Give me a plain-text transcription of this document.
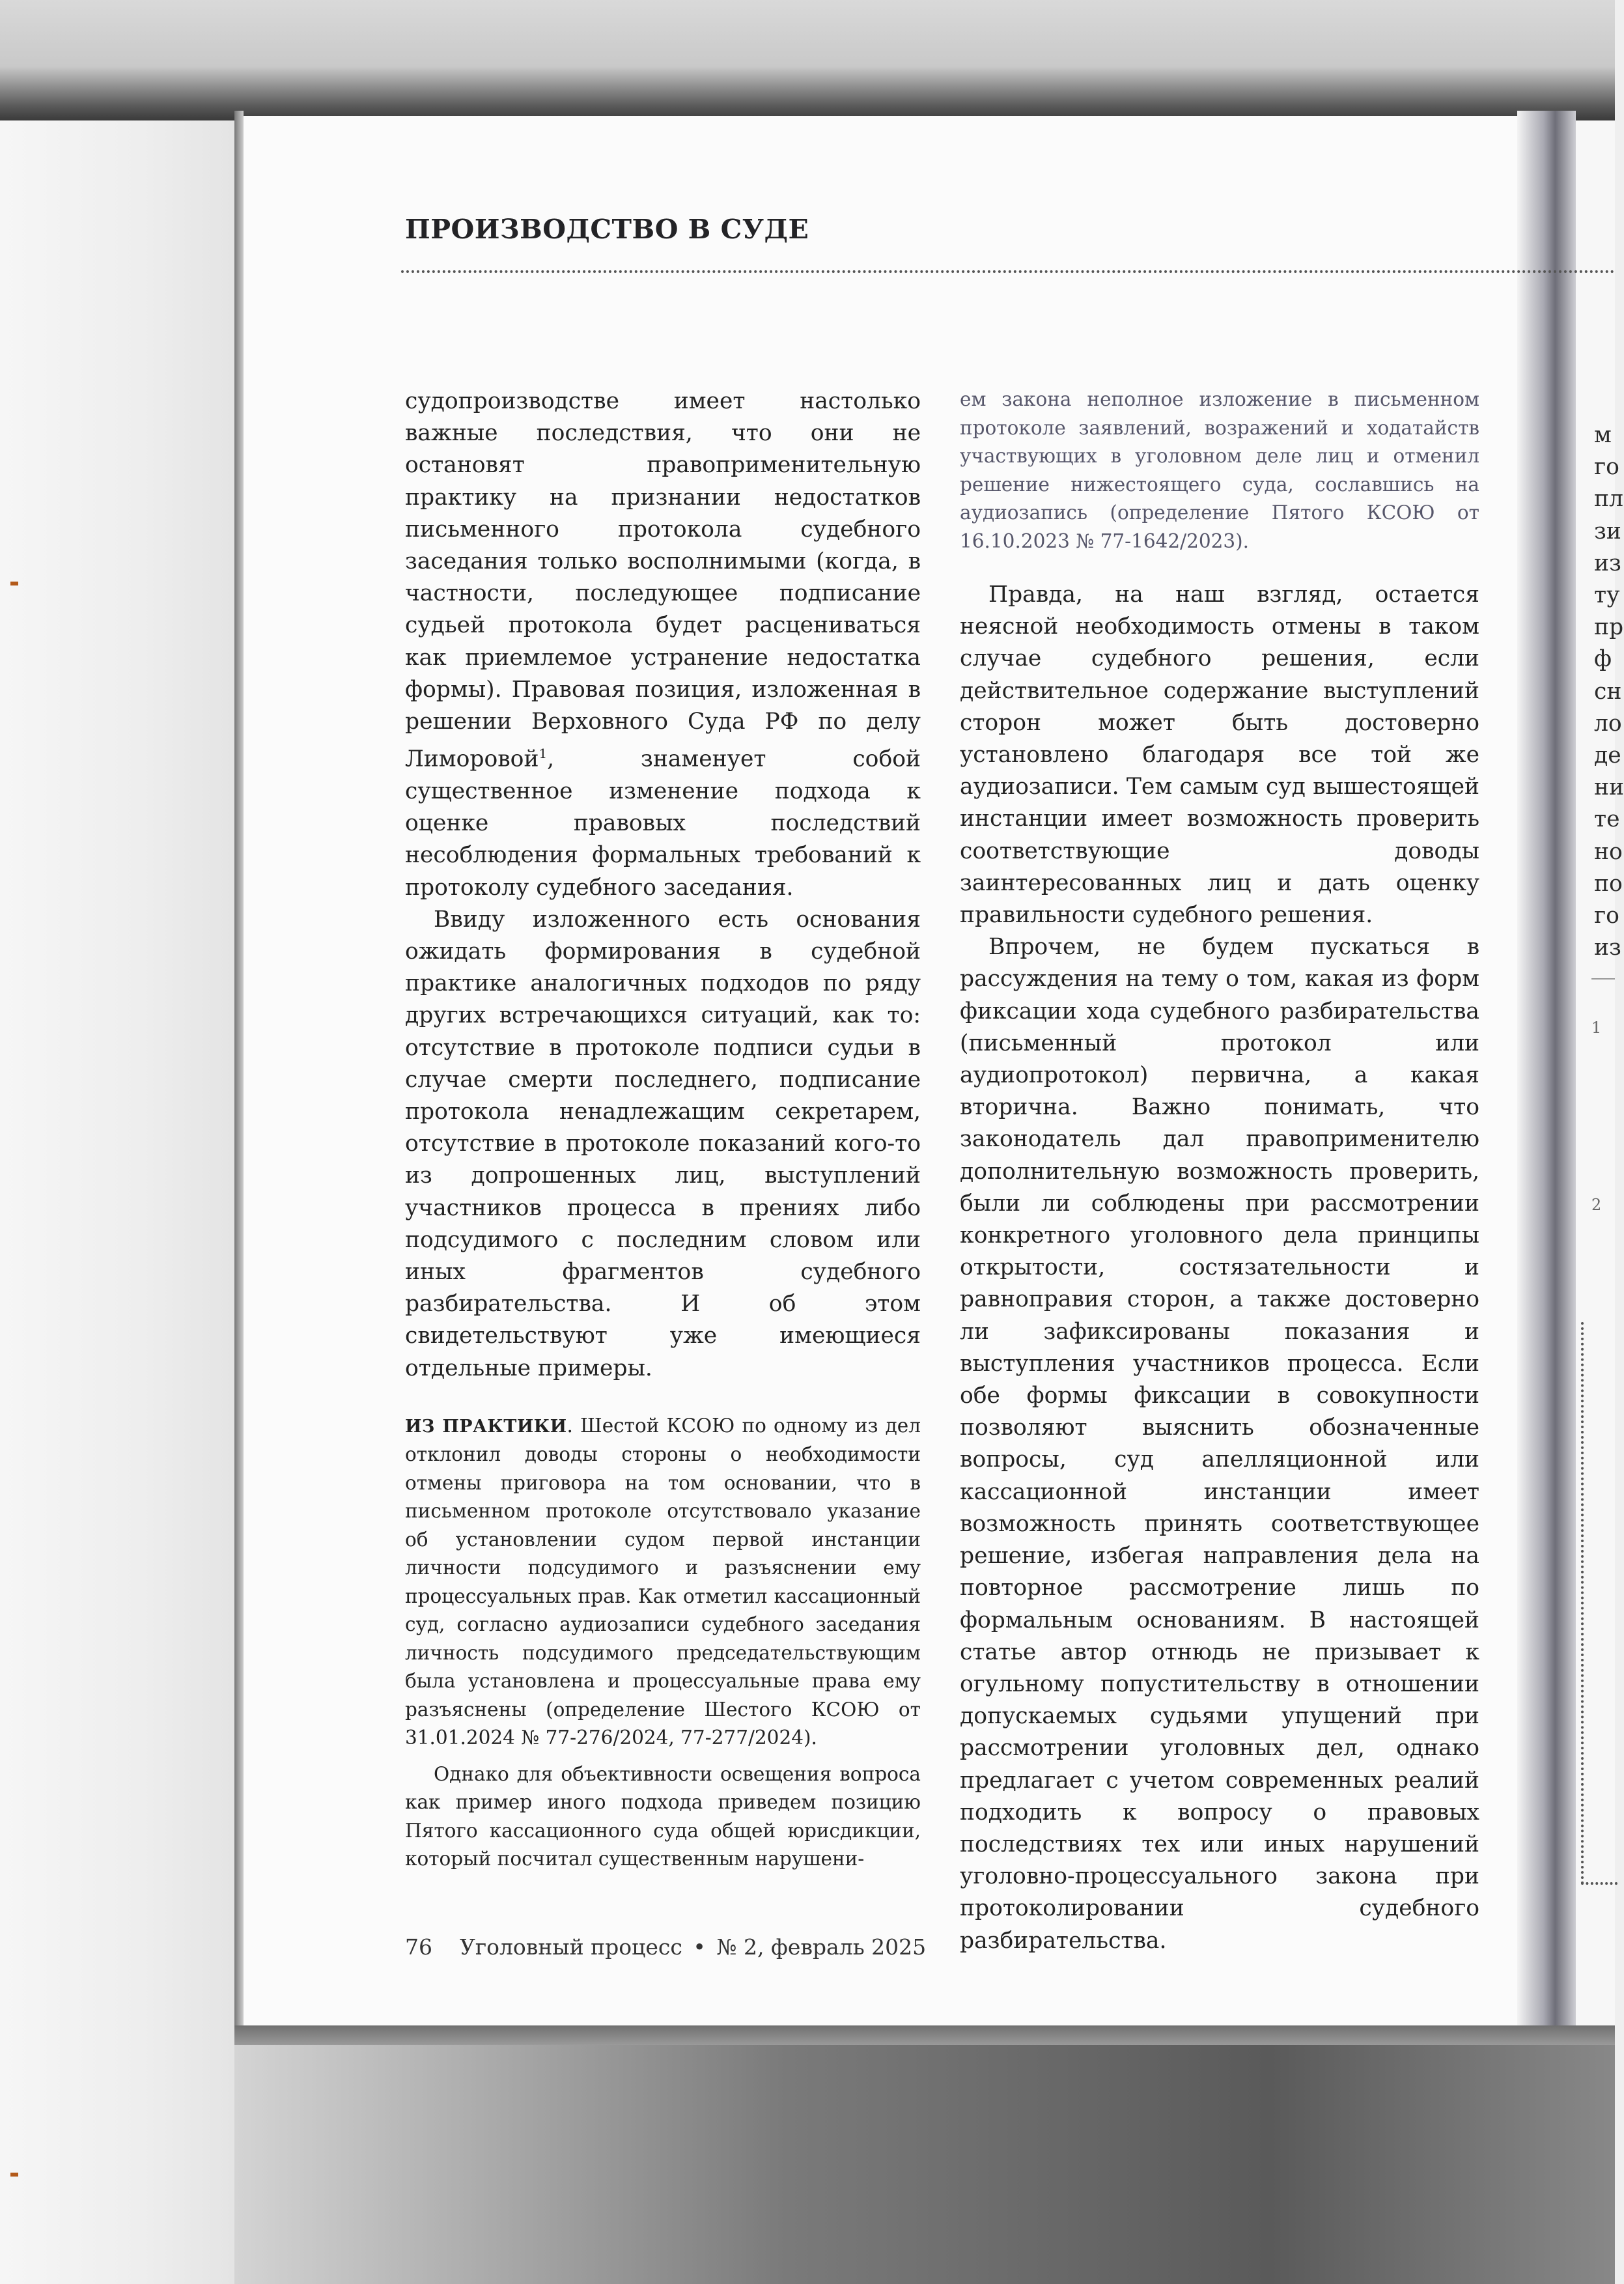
ПРОИЗВОДСТВО В СУДЕ

судопроизводстве имеет настолько важные последствия, что они не остановят правоприменительную практику на признании недостатков письменного протокола судебного заседания только восполнимыми (когда, в частности, последующее подписание судьей протокола будет расцениваться как приемлемое устранение недостатка формы). Правовая позиция, изложенная в решении Верховного Суда РФ по делу Лиморовой$^1$, знаменует собой существенное изменение подхода к оценке правовых последствий несоблюдения формальных требований к протоколу судебного заседания.

Ввиду изложенного есть основания ожидать формирования в судебной практике аналогичных подходов по ряду других встречающихся ситуаций, как то: отсутствие в протоколе подписи судьи в случае смерти последнего, подписание протокола ненадлежащим секретарем, отсутствие в протоколе показаний кого-то из допрошенных лиц, выступлений участников процесса в прениях либо подсудимого с последним словом или иных фрагментов судебного разбирательства. И об этом свидетельствуют уже имеющиеся отдельные примеры.

ИЗ ПРАКТИКИ. Шестой КСОЮ по одному из дел отклонил доводы стороны о необходимости отмены приговора на том основании, что в письменном протоколе отсутствовало указание об установлении судом первой инстанции личности подсудимого и разъяснении ему процессуальных прав. Как отметил кассационный суд, согласно аудиозаписи судебного заседания личность подсудимого председательствующим была установлена и процессуальные права ему разъяснены (определение Шестого КСОЮ от 31.01.2024 № 77-276/2024, 77-277/2024).

Однако для объективности освещения вопроса как пример иного подхода приведем позицию Пятого кассационного суда общей юрисдикции, который посчитал существенным нарушени-

ем закона неполное изложение в письменном протоколе заявлений, возражений и ходатайств участвующих в уголовном деле лиц и отменил решение нижестоящего суда, сославшись на аудиозапись (определение Пятого КСОЮ от 16.10.2023 № 77-1642/2023).

Правда, на наш взгляд, остается неясной необходимость отмены в таком случае судебного решения, если действительное содержание выступлений сторон может быть достоверно установлено благодаря все той же аудиозаписи. Тем самым суд вышестоящей инстанции имеет возможность проверить соответствующие доводы заинтересованных лиц и дать оценку правильности судебного решения.

Впрочем, не будем пускаться в рассуждения на тему о том, какая из форм фиксации хода судебного разбирательства (письменный протокол или аудиопротокол) первична, а какая вторична. Важно понимать, что законодатель дал правоприменителю дополнительную возможность проверить, были ли соблюдены при рассмотрении конкретного уголовного дела принципы открытости, состязательности и равноправия сторон, а также достоверно ли зафиксированы показания и выступления участников процесса. Если обе формы фиксации в совокупности позволяют выяснить обозначенные вопросы, суд апелляционной или кассационной инстанции имеет возможность принять соответствующее решение, избегая направления дела на повторное рассмотрение лишь по формальным основаниям. В настоящей статье автор отнюдь не призывает к огульному попустительству в отношении допускаемых судьями упущений при рассмотрении уголовных дел, однако предлагает с учетом современных реалий подходить к вопросу о правовых последствиях тех или иных нарушений уголовно-процессуального закона при протоколировании судебного разбирательства.

76 Уголовный процесс • № 2, февраль 2025
м
го
пл
зи
из
ту
пр
ф
сн
ло
де
ни
те
но
по
го
из
1
2
